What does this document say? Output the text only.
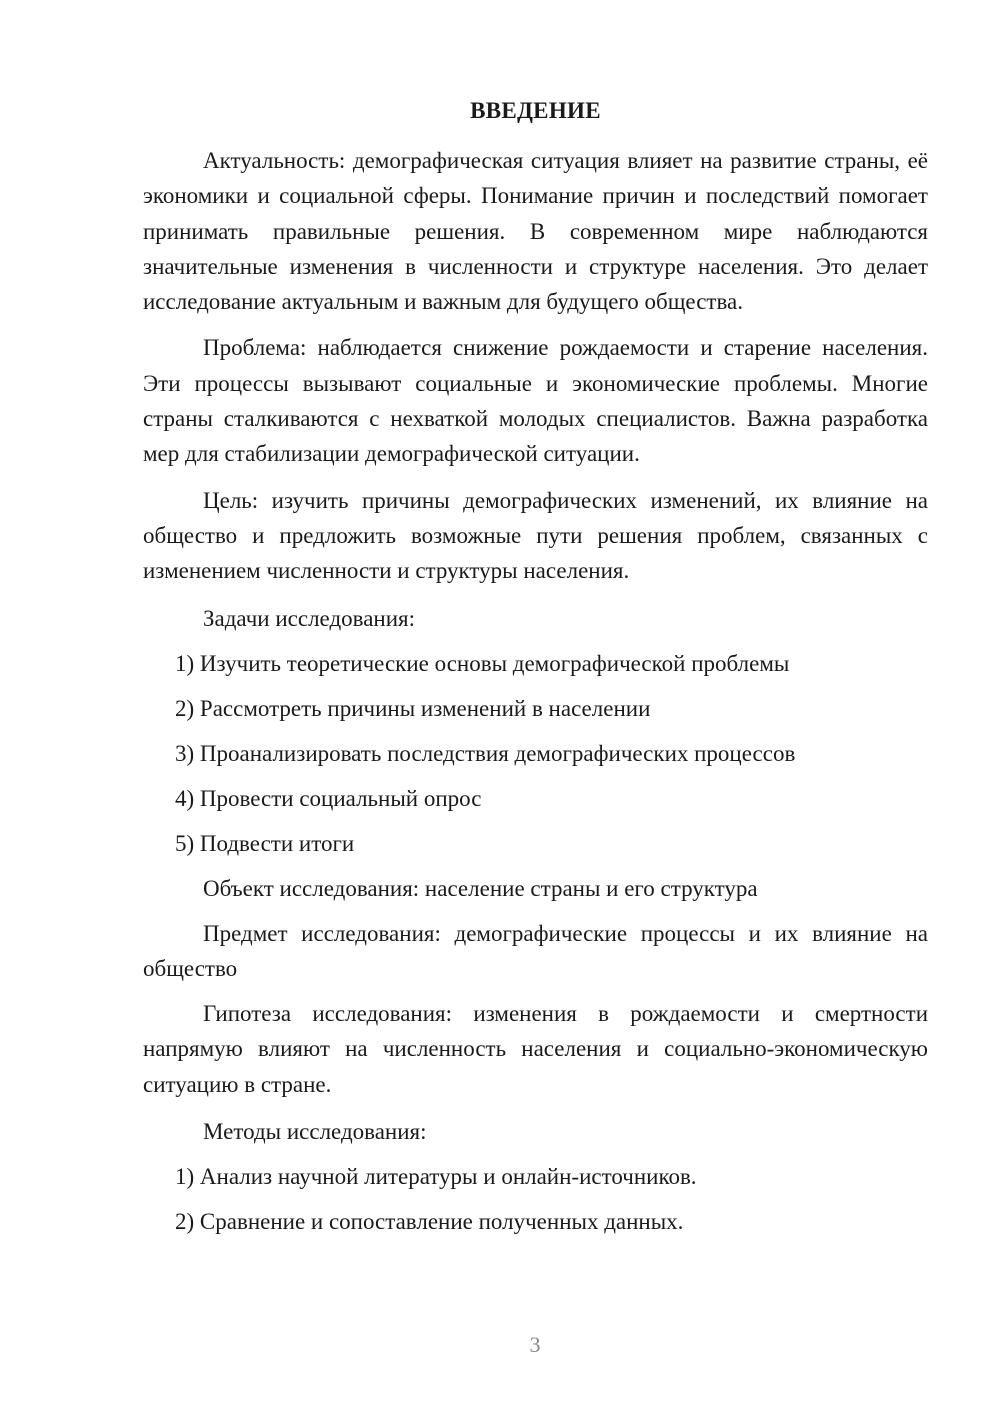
ВВЕДЕНИЕ

Актуальность: демографическая ситуация влияет на развитие страны, её экономики и социальной сферы. Понимание причин и последствий помогает принимать правильные решения. В современном мире наблюдаются значительные изменения в численности и структуре населения. Это делает исследование актуальным и важным для будущего общества.

Проблема: наблюдается снижение рождаемости и старение населения. Эти процессы вызывают социальные и экономические проблемы. Многие страны сталкиваются с нехваткой молодых специалистов. Важна разработка мер для стабилизации демографической ситуации.

Цель: изучить причины демографических изменений, их влияние на общество и предложить возможные пути решения проблем, связанных с изменением численности и структуры населения.

Задачи исследования:

1) Изучить теоретические основы демографической проблемы
2) Рассмотреть причины изменений в населении
3) Проанализировать последствия демографических процессов
4) Провести социальный опрос
5) Подвести итоги

Объект исследования: население страны и его структура

Предмет исследования: демографические процессы и их влияние на общество

Гипотеза исследования: изменения в рождаемости и смертности напрямую влияют на численность населения и социально-экономическую ситуацию в стране.

Методы исследования:

1) Анализ научной литературы и онлайн-источников.
2) Сравнение и сопоставление полученных данных.
3
